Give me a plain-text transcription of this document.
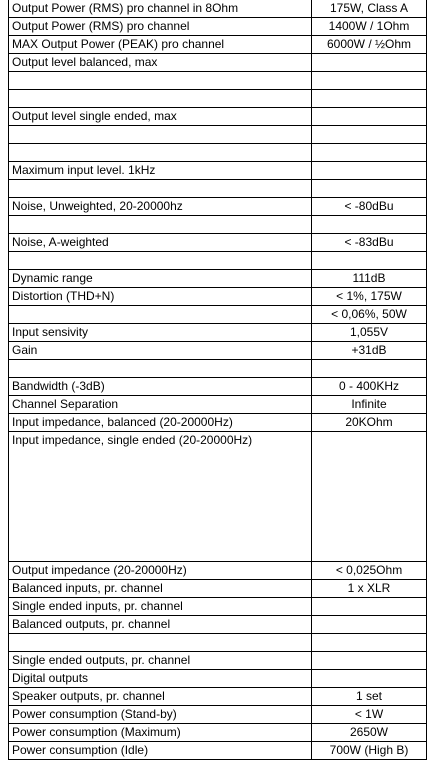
Output Power (RMS) pro channel in 8Ohm	175W, Class A
Output Power (RMS) pro channel	1400W / 1Ohm
MAX Output Power (PEAK) pro channel	6000W / ½Ohm
Output level balanced, max	

Output level single ended, max	

Maximum input level. 1kHz	

Noise, Unweighted, 20-20000hz	< -80dBu

Noise, A-weighted	< -83dBu

Dynamic range	111dB
Distortion (THD+N)	< 1%, 175W
	< 0,06%, 50W
Input sensivity	1,055V
Gain	+31dB

Bandwidth (-3dB)	0 - 400KHz
Channel Separation	Infinite
Input impedance, balanced (20-20000Hz)	20KOhm
Input impedance, single ended (20-20000Hz)	
Output impedance (20-20000Hz)	< 0,025Ohm
Balanced inputs, pr. channel	1 x XLR
Single ended inputs, pr. channel	
Balanced outputs, pr. channel	

Single ended outputs, pr. channel	
Digital outputs	
Speaker outputs, pr. channel	1 set
Power consumption (Stand-by)	< 1W
Power consumption (Maximum)	2650W
Power consumption (Idle)	700W (High B)
